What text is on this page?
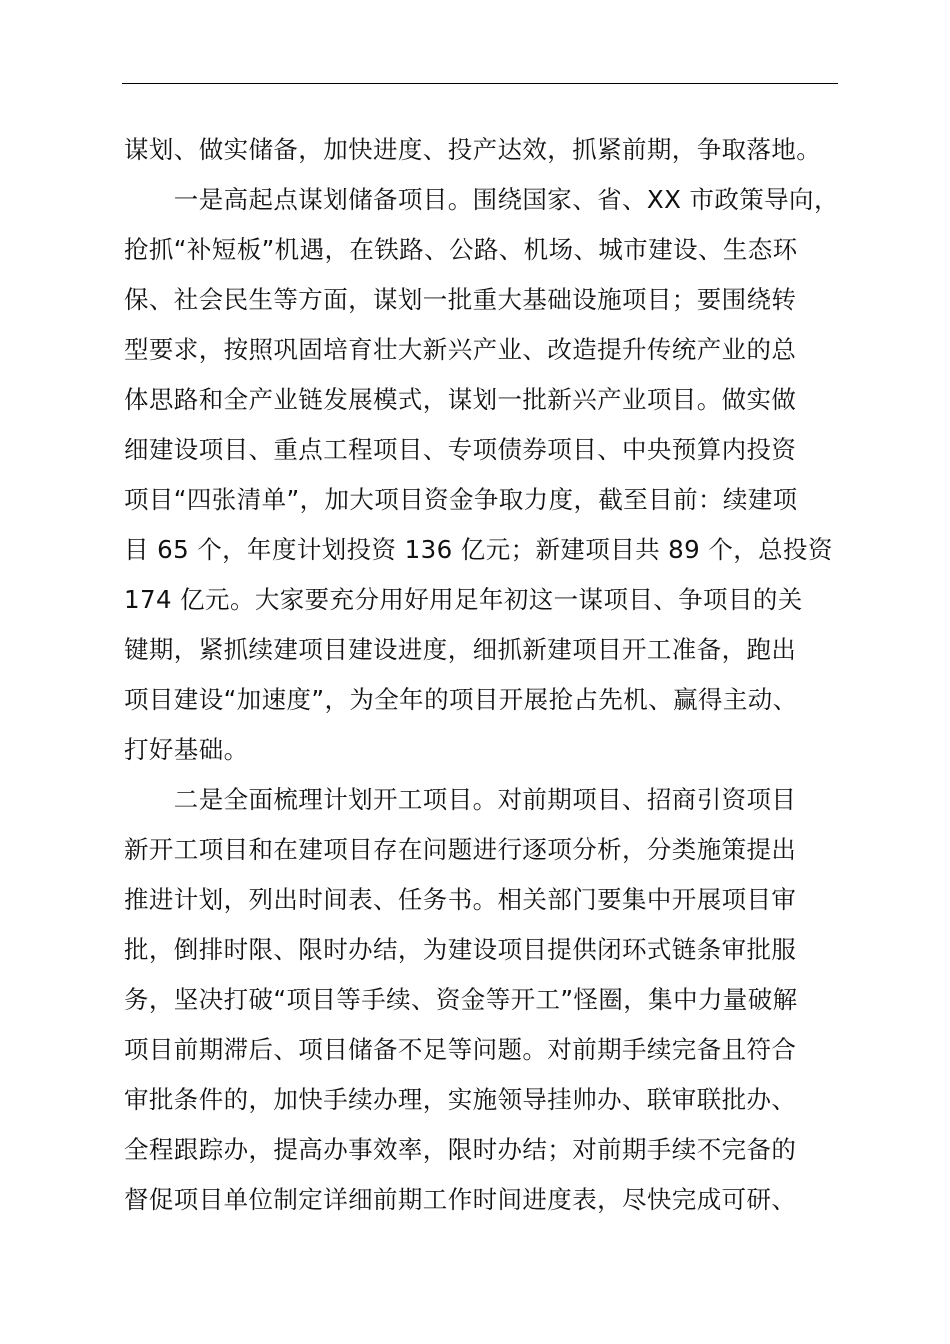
谋划、做实储备，加快进度、投产达效，抓紧前期，争取落地。
　　一是高起点谋划储备项目。围绕国家、省、XX 市政策导向，
抢抓“补短板”机遇，在铁路、公路、机场、城市建设、生态环
保、社会民生等方面，谋划一批重大基础设施项目；要围绕转
型要求，按照巩固培育壮大新兴产业、改造提升传统产业的总
体思路和全产业链发展模式，谋划一批新兴产业项目。做实做
细建设项目、重点工程项目、专项债券项目、中央预算内投资
项目“四张清单”，加大项目资金争取力度，截至目前：续建项
目 65 个，年度计划投资 136 亿元；新建项目共 89 个，总投资
174 亿元。大家要充分用好用足年初这一谋项目、争项目的关
键期，紧抓续建项目建设进度，细抓新建项目开工准备，跑出
项目建设“加速度”，为全年的项目开展抢占先机、赢得主动、
打好基础。
　　二是全面梳理计划开工项目。对前期项目、招商引资项目
新开工项目和在建项目存在问题进行逐项分析，分类施策提出
推进计划，列出时间表、任务书。相关部门要集中开展项目审
批，倒排时限、限时办结，为建设项目提供闭环式链条审批服
务，坚决打破“项目等手续、资金等开工”怪圈，集中力量破解
项目前期滞后、项目储备不足等问题。对前期手续完备且符合
审批条件的，加快手续办理，实施领导挂帅办、联审联批办、
全程跟踪办，提高办事效率，限时办结；对前期手续不完备的
督促项目单位制定详细前期工作时间进度表，尽快完成可研、
